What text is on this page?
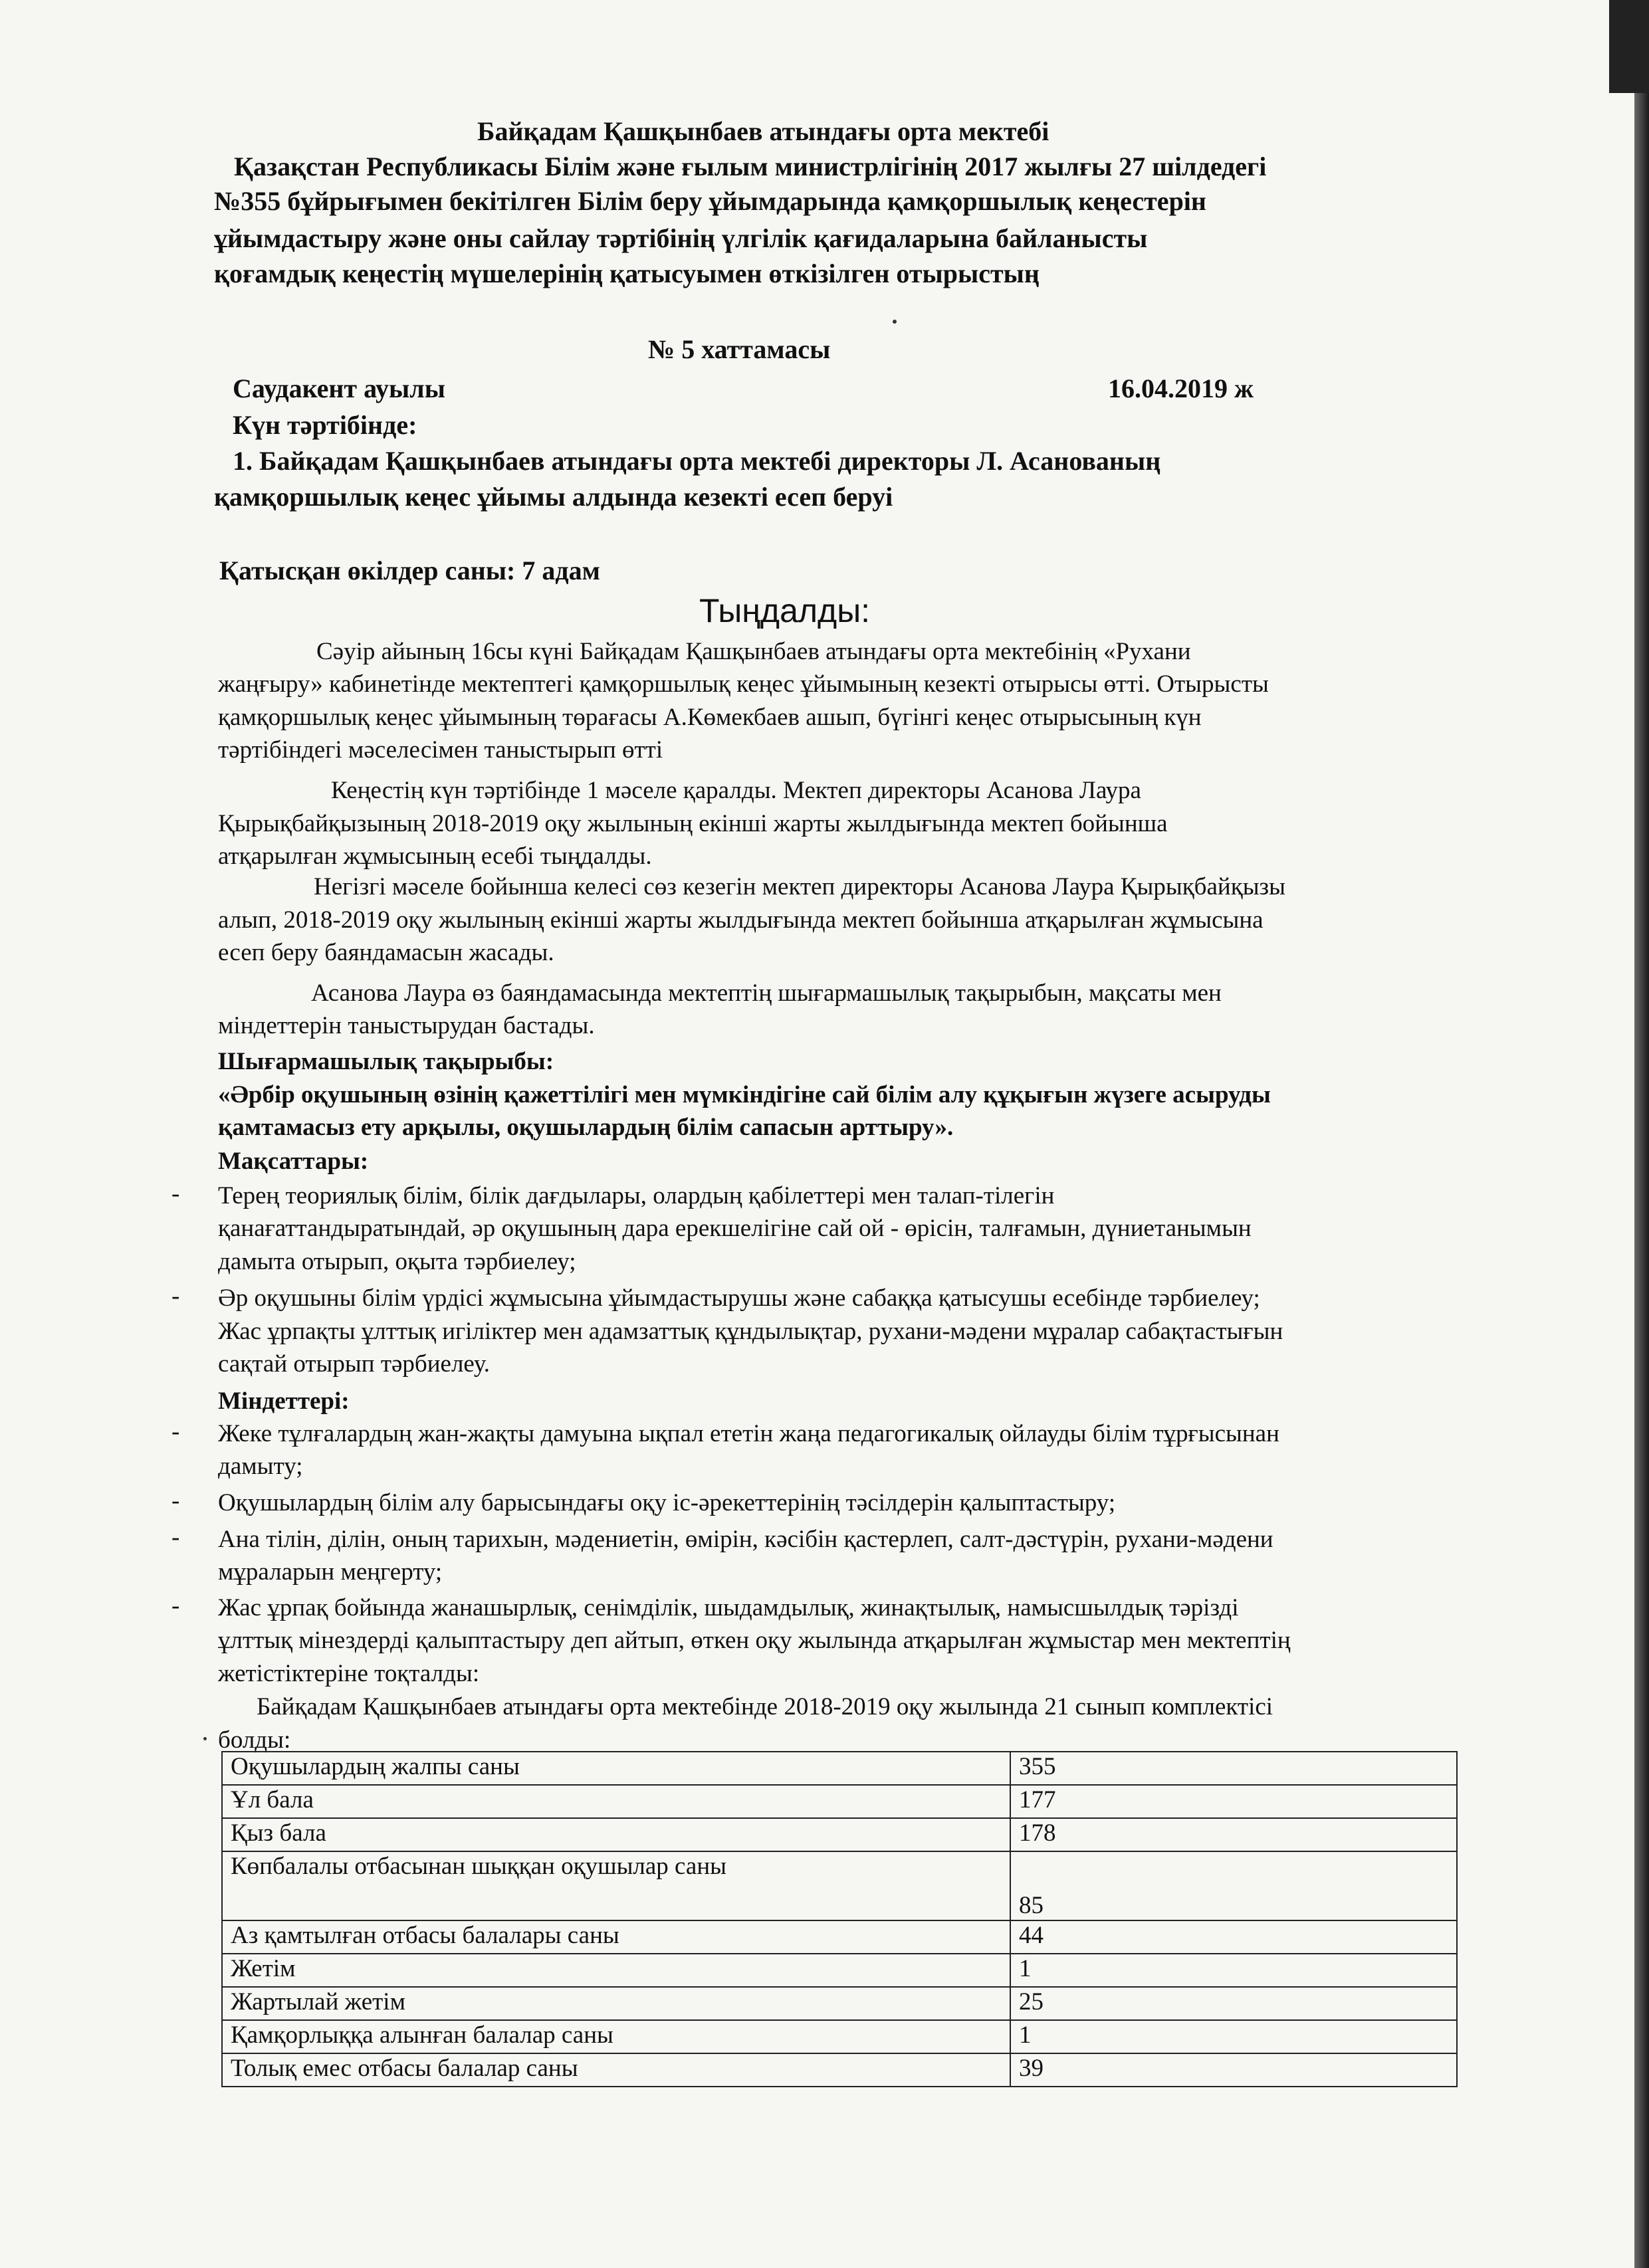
Байқадам Қашқынбаев атындағы орта мектебі
Қазақстан Республикасы Білім және ғылым министрлігінің 2017 жылғы 27 шілдедегі
№355 бұйрығымен бекітілген Білім беру ұйымдарында қамқоршылық кеңестерін
ұйымдастыру және оны сайлау тәртібінің үлгілік қағидаларына байланысты
қоғамдық кеңестің мүшелерінің қатысуымен өткізілген отырыстың
№ 5 хаттамасы
Саудакент ауылы	16.04.2019 ж
Күн тәртібінде:
1. Байқадам Қашқынбаев атындағы орта мектебі директоры Л. Асанованың
қамқоршылық кеңес ұйымы алдында кезекті есеп беруі
Қатысқан өкілдер саны: 7 адам
Тыңдалды:
Сәуір айының 16сы күні Байқадам Қашқынбаев атындағы орта мектебінің «Рухани
жаңғыру» кабинетінде мектептегі қамқоршылық кеңес ұйымының кезекті отырысы өтті. Отырысты
қамқоршылық кеңес ұйымының төрағасы А.Көмекбаев ашып, бүгінгі кеңес отырысының күн
тәртібіндегі мәселесімен таныстырып өтті
Кеңестің күн тәртібінде 1 мәселе қаралды. Мектеп директоры Асанова Лаура
Қырықбайқызының 2018-2019 оқу жылының екінші жарты жылдығында мектеп бойынша
атқарылған жұмысының есебі тыңдалды.
Негізгі мәселе бойынша келесі сөз кезегін мектеп директоры Асанова Лаура Қырықбайқызы
алып, 2018-2019 оқу жылының екінші жарты жылдығында мектеп бойынша атқарылған жұмысына
есеп беру баяндамасын жасады.
Асанова Лаура өз баяндамасында мектептің шығармашылық тақырыбын, мақсаты мен
міндеттерін таныстырудан бастады.
Шығармашылық тақырыбы:
«Әрбір оқушының өзінің қажеттілігі мен мүмкіндігіне сай білім алу құқығын жүзеге асыруды
қамтамасыз ету арқылы, оқушылардың білім сапасын арттыру».
Мақсаттары:
- Терең теориялық білім, білік дағдылары, олардың қабілеттері мен талап-тілегін
қанағаттандыратындай, әр оқушының дара ерекшелігіне сай ой - өрісін, талғамын, дүниетанымын
дамыта отырып, оқыта тәрбиелеу;
- Әр оқушыны білім үрдісі жұмысына ұйымдастырушы және сабаққа қатысушы есебінде тәрбиелеу;
Жас ұрпақты ұлттық игіліктер мен адамзаттық құндылықтар, рухани-мәдени мұралар сабақтастығын
сақтай отырып тәрбиелеу.
Міндеттері:
- Жеке тұлғалардың жан-жақты дамуына ықпал ететін жаңа педагогикалық ойлауды білім тұрғысынан
дамыту;
- Оқушылардың білім алу барысындағы оқу іс-әрекеттерінің тәсілдерін қалыптастыру;
- Ана тілін, ділін, оның тарихын, мәдениетін, өмірін, кәсібін қастерлеп, салт-дәстүрін, рухани-мәдени
мұраларын меңгерту;
- Жас ұрпақ бойында жанашырлық, сенімділік, шыдамдылық, жинақтылық, намысшылдық тәрізді
ұлттық мінездерді қалыптастыру деп айтып, өткен оқу жылында атқарылған жұмыстар мен мектептің
жетістіктеріне тоқталды:
Байқадам Қашқынбаев атындағы орта мектебінде 2018-2019 оқу жылында 21 сынып комплектісі
болды:
Оқушылардың жалпы саны	355
Ұл бала	177
Қыз бала	178
Көпбалалы отбасынан шыққан оқушылар саны	85
Аз қамтылған отбасы балалары саны	44
Жетім	1
Жартылай жетім	25
Қамқорлыққа алынған балалар саны	1
Толық емес отбасы балалар саны	39
